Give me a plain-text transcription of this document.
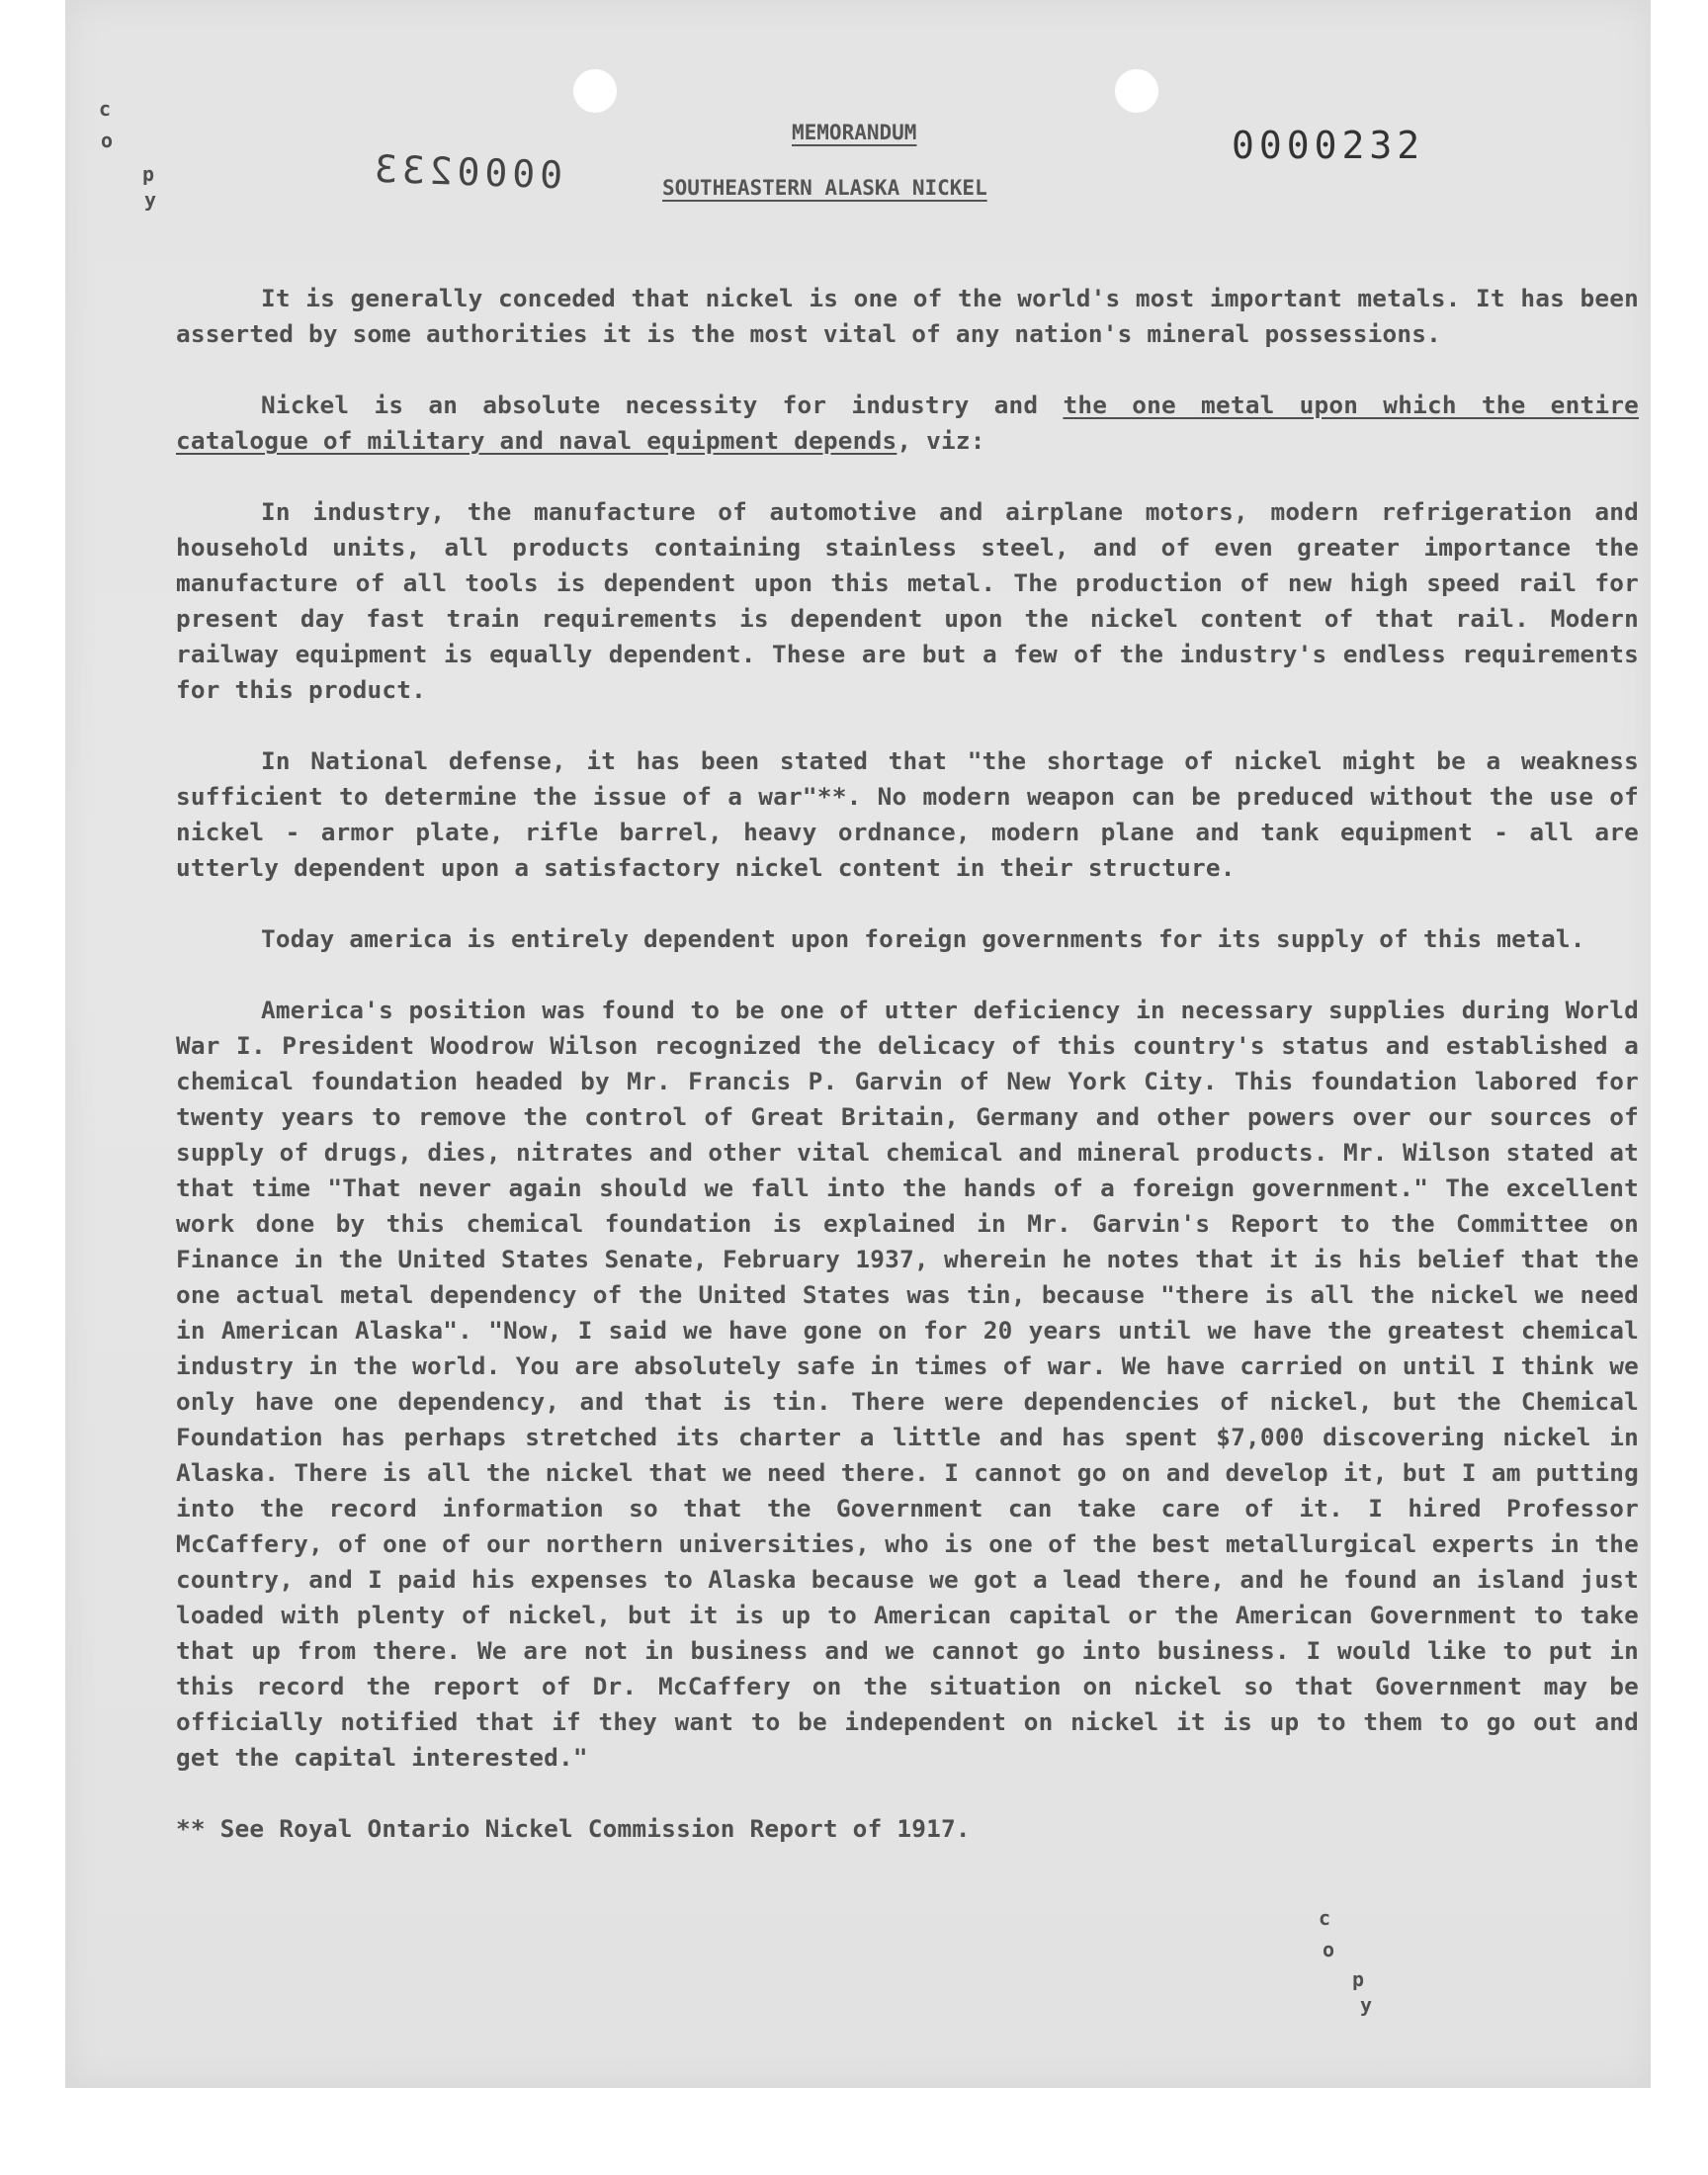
c
o
p
y
0000233
MEMORANDUM
SOUTHEASTERN ALASKA NICKEL
0000232

It is generally conceded that nickel is one of the world's most important metals. It has been asserted by some authorities it is the most vital of any nation's mineral possessions.

Nickel is an absolute necessity for industry and the one metal upon which the entire catalogue of military and naval equipment depends, viz:

In industry, the manufacture of automotive and airplane motors, modern refrigeration and household units, all products containing stainless steel, and of even greater importance the manufacture of all tools is dependent upon this metal. The production of new high speed rail for present day fast train requirements is dependent upon the nickel content of that rail. Modern railway equipment is equally dependent. These are but a few of the industry's endless requirements for this product.

In National defense, it has been stated that "the shortage of nickel might be a weakness sufficient to determine the issue of a war"**. No modern weapon can be preduced without the use of nickel - armor plate, rifle barrel, heavy ordnance, modern plane and tank equipment - all are utterly dependent upon a satisfactory nickel content in their structure.

Today america is entirely dependent upon foreign governments for its supply of this metal.

America's position was found to be one of utter deficiency in necessary supplies during World War I. President Woodrow Wilson recognized the delicacy of this country's status and established a chemical foundation headed by Mr. Francis P. Garvin of New York City. This foundation labored for twenty years to remove the control of Great Britain, Germany and other powers over our sources of supply of drugs, dies, nitrates and other vital chemical and mineral products. Mr. Wilson stated at that time "That never again should we fall into the hands of a foreign government." The excellent work done by this chemical foundation is explained in Mr. Garvin's Report to the Committee on Finance in the United States Senate, February 1937, wherein he notes that it is his belief that the one actual metal dependency of the United States was tin, because "there is all the nickel we need in American Alaska". "Now, I said we have gone on for 20 years until we have the greatest chemical industry in the world. You are absolutely safe in times of war. We have carried on until I think we only have one dependency, and that is tin. There were dependencies of nickel, but the Chemical Foundation has perhaps stretched its charter a little and has spent $7,000 discovering nickel in Alaska. There is all the nickel that we need there. I cannot go on and develop it, but I am putting into the record information so that the Government can take care of it. I hired Professor McCaffery, of one of our northern universities, who is one of the best metallurgical experts in the country, and I paid his expenses to Alaska because we got a lead there, and he found an island just loaded with plenty of nickel, but it is up to American capital or the American Government to take that up from there. We are not in business and we cannot go into business. I would like to put in this record the report of Dr. McCaffery on the situation on nickel so that Government may be officially notified that if they want to be independent on nickel it is up to them to go out and get the capital interested."

** See Royal Ontario Nickel Commission Report of 1917.

c
o
p
y
